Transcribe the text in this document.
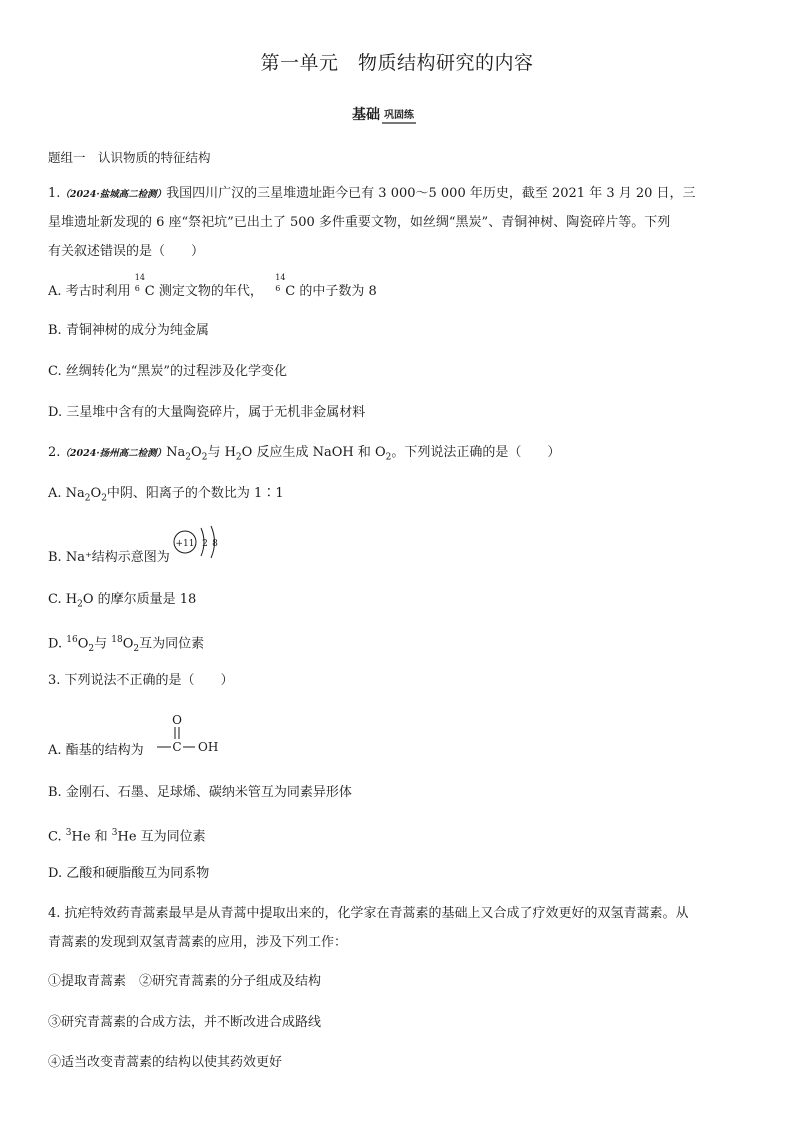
第一单元　物质结构研究的内容
基础 巩固练
题组一　认识物质的特征结构
1.（2024·盐城高二检测）我国四川广汉的三星堆遗址距今已有 3 000～5 000 年历史，截至 2021 年 3 月 20 日，三
星堆遗址新发现的 6 座“祭祀坑”已出土了 500 多件重要文物，如丝绸“黑炭”、青铜神树、陶瓷碎片等。下列
有关叙述错误的是（　　）
A. 考古时利用
14
6 C 测定文物的年代，
14
6 C 的中子数为 8
B. 青铜神树的成分为纯金属
C. 丝绸转化为“黑炭”的过程涉及化学变化
D. 三星堆中含有的大量陶瓷碎片，属于无机非金属材料
2.（2024·扬州高二检测）$Na_2O_2$与 $H_2O$ 反应生成 NaOH 和 $O_2$。下列说法正确的是（　　）
A. $Na_2O_2$中阴、阳离子的个数比为 1∶1
B. Na⁺结构示意图为
+11 2 8
C. $H_2O$ 的摩尔质量是 18
D. $^{16}O_2$与 $^{18}O_2$互为同位素
3. 下列说法不正确的是（　　）
A. 酯基的结构为
O
C OH
B. 金刚石、石墨、足球烯、碳纳米管互为同素异形体
C. $^3$He 和 $^3$He 互为同位素
D. 乙酸和硬脂酸互为同系物
4. 抗疟特效药青蒿素最早是从青蒿中提取出来的，化学家在青蒿素的基础上又合成了疗效更好的双氢青蒿素。从
青蒿素的发现到双氢青蒿素的应用，涉及下列工作：
①提取青蒿素　②研究青蒿素的分子组成及结构
③研究青蒿素的合成方法，并不断改进合成路线
④适当改变青蒿素的结构以使其药效更好
